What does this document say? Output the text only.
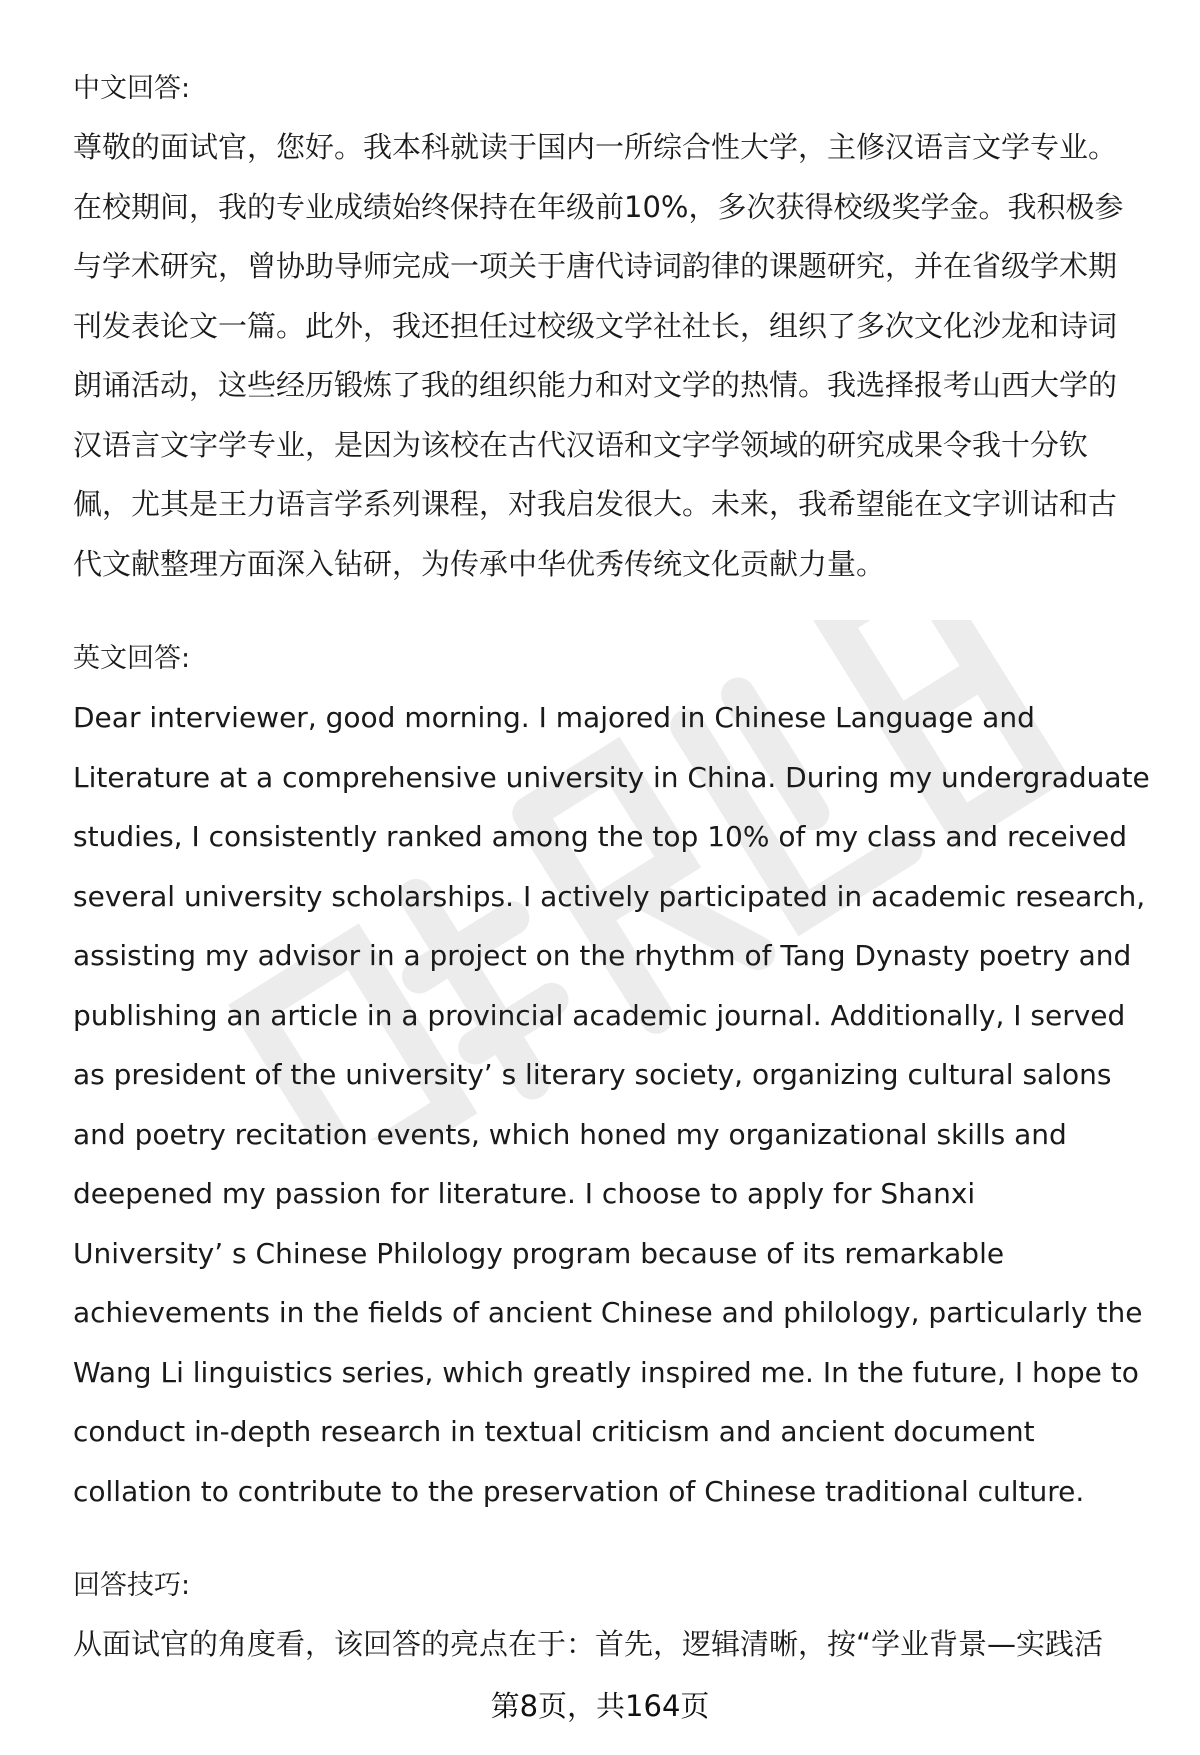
中文回答:
尊敬的面试官，您好。我本科就读于国内一所综合性大学，主修汉语言文学专业。
在校期间，我的专业成绩始终保持在年级前10%，多次获得校级奖学金。我积极参
与学术研究，曾协助导师完成一项关于唐代诗词韵律的课题研究，并在省级学术期
刊发表论文一篇。此外，我还担任过校级文学社社长，组织了多次文化沙龙和诗词
朗诵活动，这些经历锻炼了我的组织能力和对文学的热情。我选择报考山西大学的
汉语言文字学专业，是因为该校在古代汉语和文字学领域的研究成果令我十分钦
佩，尤其是王力语言学系列课程，对我启发很大。未来，我希望能在文字训诂和古
代文献整理方面深入钻研，为传承中华优秀传统文化贡献力量。
英文回答:
Dear interviewer, good morning. I majored in Chinese Language and
Literature at a comprehensive university in China. During my undergraduate
studies, I consistently ranked among the top 10% of my class and received
several university scholarships. I actively participated in academic research,
assisting my advisor in a project on the rhythm of Tang Dynasty poetry and
publishing an article in a provincial academic journal. Additionally, I served
as president of the university’ s literary society, organizing cultural salons
and poetry recitation events, which honed my organizational skills and
deepened my passion for literature. I choose to apply for Shanxi
University’ s Chinese Philology program because of its remarkable
achievements in the fields of ancient Chinese and philology, particularly the
Wang Li linguistics series, which greatly inspired me. In the future, I hope to
conduct in-depth research in textual criticism and ancient document
collation to contribute to the preservation of Chinese traditional culture.
回答技巧:
从面试官的角度看，该回答的亮点在于：首先，逻辑清晰，按“学业背景—实践活
第8页，共164页
